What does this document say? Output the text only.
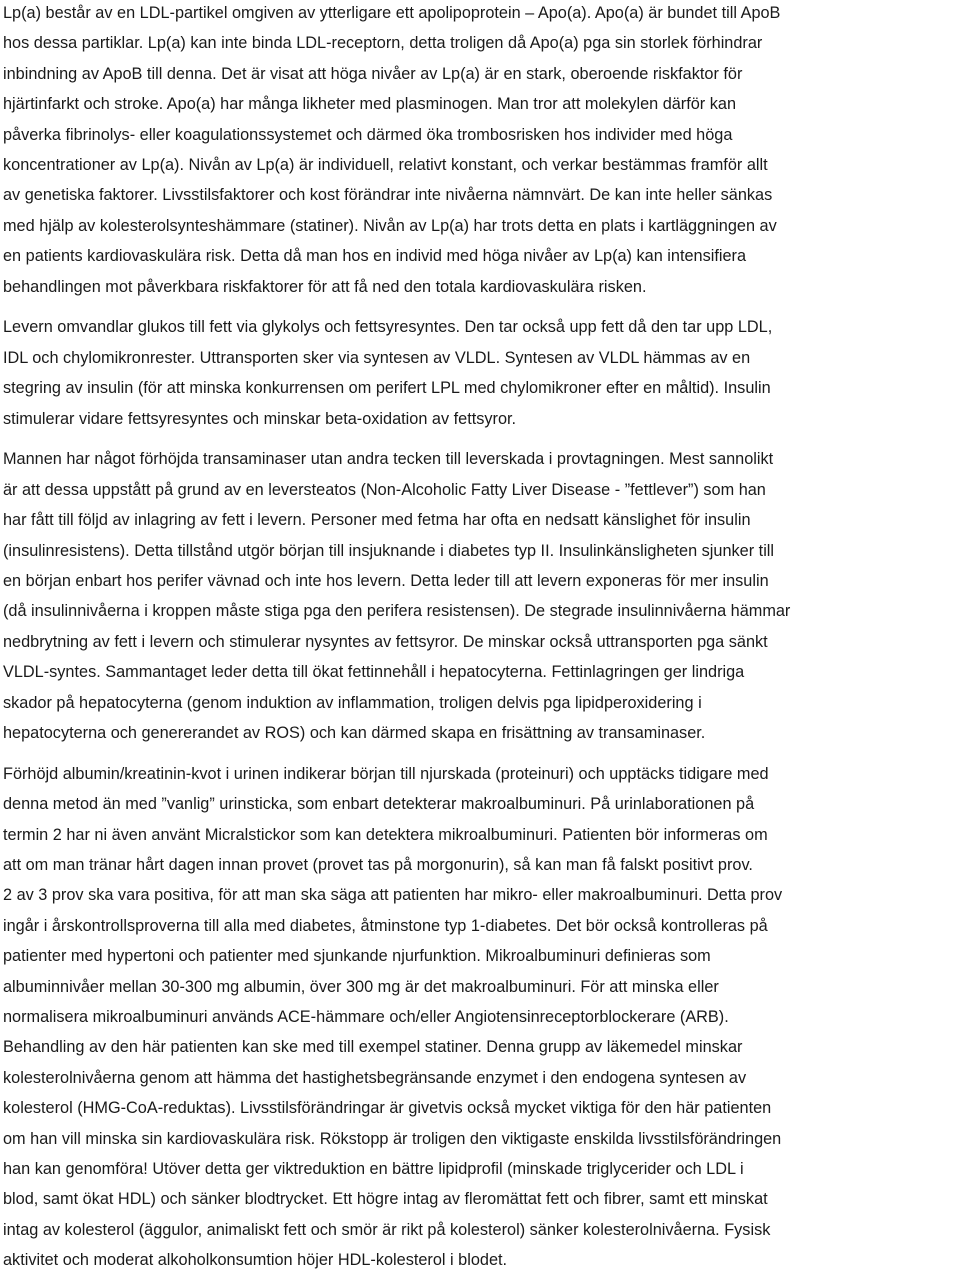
Lp(a) består av en LDL-partikel omgiven av ytterligare ett apolipoprotein – Apo(a). Apo(a) är bundet till ApoB
hos dessa partiklar. Lp(a) kan inte binda LDL-receptorn, detta troligen då Apo(a) pga sin storlek förhindrar
inbindning av ApoB till denna. Det är visat att höga nivåer av Lp(a) är en stark, oberoende riskfaktor för
hjärtinfarkt och stroke. Apo(a) har många likheter med plasminogen. Man tror att molekylen därför kan
påverka fibrinolys- eller koagulationssystemet och därmed öka trombosrisken hos individer med höga
koncentrationer av Lp(a). Nivån av Lp(a) är individuell, relativt konstant, och verkar bestämmas framför allt
av genetiska faktorer. Livsstilsfaktorer och kost förändrar inte nivåerna nämnvärt. De kan inte heller sänkas
med hjälp av kolesterolsynteshämmare (statiner). Nivån av Lp(a) har trots detta en plats i kartläggningen av
en patients kardiovaskulära risk. Detta då man hos en individ med höga nivåer av Lp(a) kan intensifiera
behandlingen mot påverkbara riskfaktorer för att få ned den totala kardiovaskulära risken.
Levern omvandlar glukos till fett via glykolys och fettsyresyntes. Den tar också upp fett då den tar upp LDL,
IDL och chylomikronrester. Uttransporten sker via syntesen av VLDL. Syntesen av VLDL hämmas av en
stegring av insulin (för att minska konkurrensen om perifert LPL med chylomikroner efter en måltid). Insulin
stimulerar vidare fettsyresyntes och minskar beta-oxidation av fettsyror.
Mannen har något förhöjda transaminaser utan andra tecken till leverskada i provtagningen. Mest sannolikt
är att dessa uppstått på grund av en leversteatos (Non-Alcoholic Fatty Liver Disease - ”fettlever”) som han
har fått till följd av inlagring av fett i levern. Personer med fetma har ofta en nedsatt känslighet för insulin
(insulinresistens). Detta tillstånd utgör början till insjuknande i diabetes typ II. Insulinkänsligheten sjunker till
en början enbart hos perifer vävnad och inte hos levern. Detta leder till att levern exponeras för mer insulin
(då insulinnivåerna i kroppen måste stiga pga den perifera resistensen). De stegrade insulinnivåerna hämmar
nedbrytning av fett i levern och stimulerar nysyntes av fettsyror. De minskar också uttransporten pga sänkt
VLDL-syntes. Sammantaget leder detta till ökat fettinnehåll i hepatocyterna. Fettinlagringen ger lindriga
skador på hepatocyterna (genom induktion av inflammation, troligen delvis pga lipidperoxidering i
hepatocyterna och genererandet av ROS) och kan därmed skapa en frisättning av transaminaser.
Förhöjd albumin/kreatinin-kvot i urinen indikerar början till njurskada (proteinuri) och upptäcks tidigare med
denna metod än med ”vanlig” urinsticka, som enbart detekterar makroalbuminuri. På urinlaborationen på
termin 2 har ni även använt Micralstickor som kan detektera mikroalbuminuri. Patienten bör informeras om
att om man tränar hårt dagen innan provet (provet tas på morgonurin), så kan man få falskt positivt prov.
2 av 3 prov ska vara positiva, för att man ska säga att patienten har mikro- eller makroalbuminuri. Detta prov
ingår i årskontrollsproverna till alla med diabetes, åtminstone typ 1-diabetes. Det bör också kontrolleras på
patienter med hypertoni och patienter med sjunkande njurfunktion. Mikroalbuminuri definieras som
albuminnivåer mellan 30-300 mg albumin, över 300 mg är det makroalbuminuri. För att minska eller
normalisera mikroalbuminuri används ACE-hämmare och/eller Angiotensinreceptorblockerare (ARB).
Behandling av den här patienten kan ske med till exempel statiner. Denna grupp av läkemedel minskar
kolesterolnivåerna genom att hämma det hastighetsbegränsande enzymet i den endogena syntesen av
kolesterol (HMG-CoA-reduktas). Livsstilsförändringar är givetvis också mycket viktiga för den här patienten
om han vill minska sin kardiovaskulära risk. Rökstopp är troligen den viktigaste enskilda livsstilsförändringen
han kan genomföra! Utöver detta ger viktreduktion en bättre lipidprofil (minskade triglycerider och LDL i
blod, samt ökat HDL) och sänker blodtrycket. Ett högre intag av fleromättat fett och fibrer, samt ett minskat
intag av kolesterol (äggulor, animaliskt fett och smör är rikt på kolesterol) sänker kolesterolnivåerna. Fysisk
aktivitet och moderat alkoholkonsumtion höjer HDL-kolesterol i blodet.
